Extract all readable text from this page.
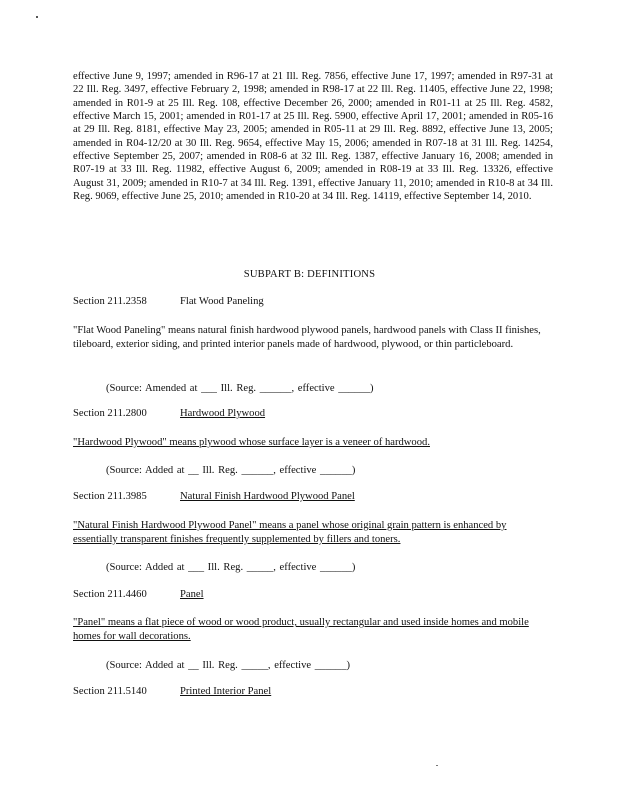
effective June 9, 1997; amended in R96-17 at 21 Ill. Reg. 7856, effective June 17, 1997; amended in R97-31 at 22 Ill. Reg. 3497, effective February 2, 1998; amended in R98-17 at 22 Ill. Reg. 11405, effective June 22, 1998; amended in R01-9 at 25 Ill. Reg. 108, effective December 26, 2000; amended in R01-11 at 25 Ill. Reg. 4582, effective March 15, 2001; amended in R01-17 at 25 Ill. Reg. 5900, effective April 17, 2001; amended in R05-16 at 29 Ill. Reg. 8181, effective May 23, 2005; amended in R05-11 at 29 Ill. Reg. 8892, effective June 13, 2005; amended in R04-12/20 at 30 Ill. Reg. 9654, effective May 15, 2006; amended in R07-18 at 31 Ill. Reg. 14254, effective September 25, 2007; amended in R08-6 at 32 Ill. Reg. 1387, effective January 16, 2008; amended in R07-19 at 33 Ill. Reg. 11982, effective August 6, 2009; amended in R08-19 at 33 Ill. Reg. 13326, effective August 31, 2009; amended in R10-7 at 34 Ill. Reg. 1391, effective January 11, 2010; amended in R10-8 at 34 Ill. Reg. 9069, effective June 25, 2010; amended in R10-20 at 34 Ill. Reg. 14119, effective September 14, 2010.
SUBPART B: DEFINITIONS
Section 211.2358	Flat Wood Paneling
"Flat Wood Paneling" means natural finish hardwood plywood panels, hardwood panels with Class II finishes, tileboard, exterior siding, and printed interior panels made of hardwood, plywood, or thin particleboard.
(Source: Amended at ___ Ill. Reg. ______, effective ______)
Section 211.2800	Hardwood Plywood
"Hardwood Plywood" means plywood whose surface layer is a veneer of hardwood.
(Source: Added at __ Ill. Reg. ______, effective ______)
Section 211.3985	Natural Finish Hardwood Plywood Panel
"Natural Finish Hardwood Plywood Panel" means a panel whose original grain pattern is enhanced by essentially transparent finishes frequently supplemented by fillers and toners.
(Source: Added at ___ Ill. Reg. _____, effective ______)
Section 211.4460	Panel
"Panel" means a flat piece of wood or wood product, usually rectangular and used inside homes and mobile homes for wall decorations.
(Source: Added at __ Ill. Reg. _____, effective ______)
Section 211.5140	Printed Interior Panel
